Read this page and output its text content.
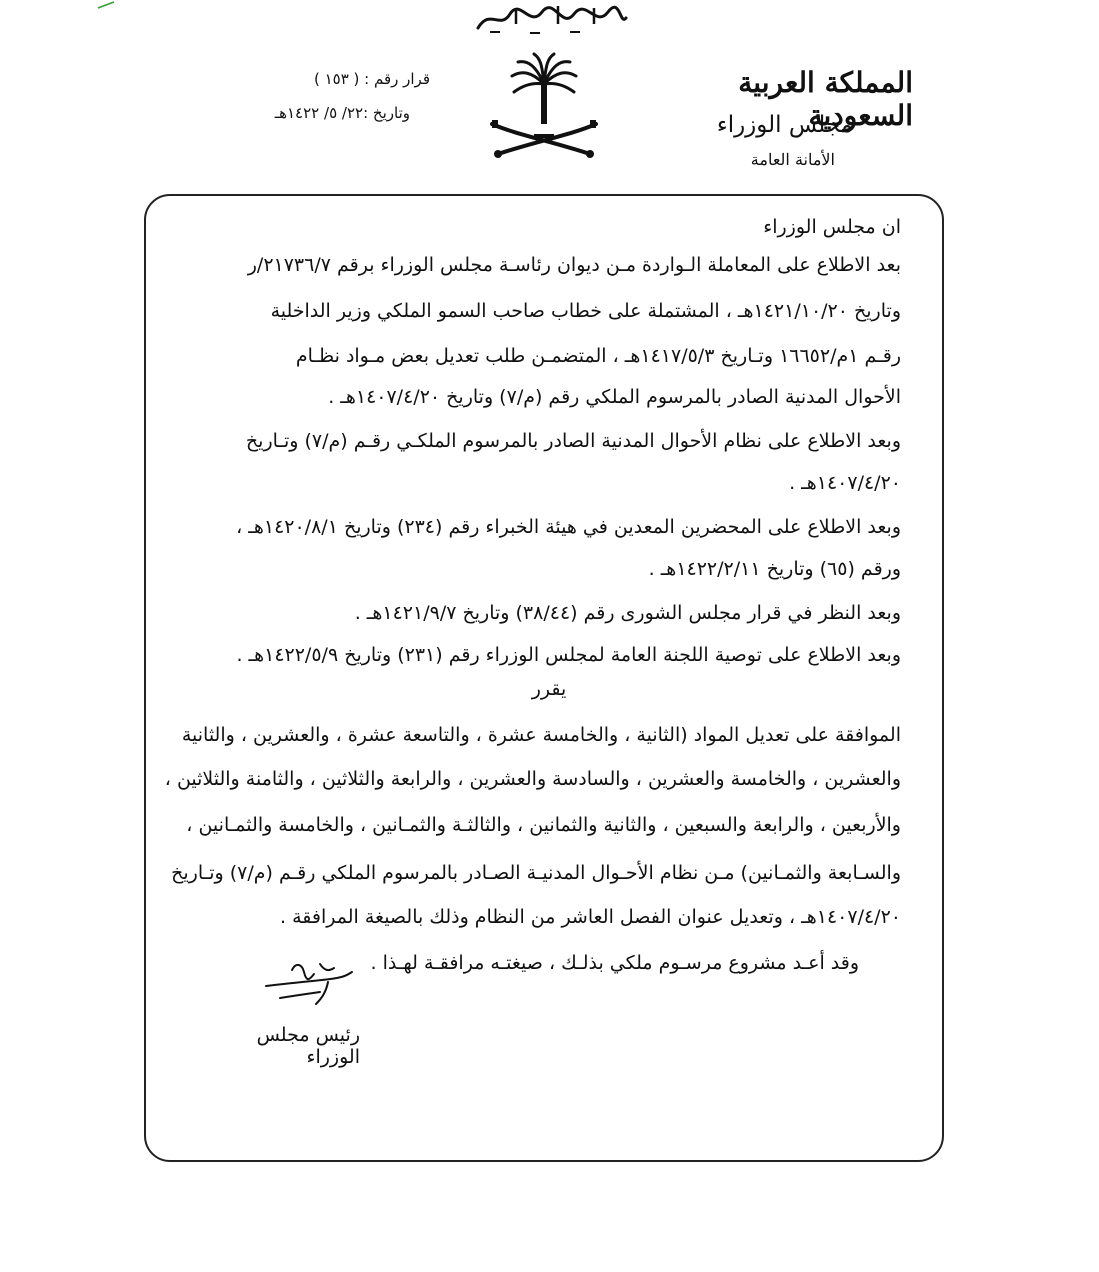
المملكة العربية السعودية
مجلس الوزراء
الأمانة العامة
قرار رقم : ( ١٥٣ )
وتاريخ :٢٢/ ٥/ ١٤٢٢هـ
ان مجلس الوزراء
بعد الاطلاع على المعاملة الـواردة مـن ديوان رئاسـة مجلس الوزراء برقم ٢١٧٣٦/٧/ر
وتاريخ ١٤٢١/١٠/٢٠هـ ، المشتملة على خطاب صاحب السمو الملكي وزير الداخلية
رقـم ١م/١٦٦٥٢ وتـاريخ ١٤١٧/٥/٣هـ ، المتضمـن طلب تعديل بعض مـواد نظـام
الأحوال المدنية الصادر بالمرسوم الملكي رقم (م/٧) وتاريخ ١٤٠٧/٤/٢٠هـ .
وبعد الاطلاع على نظام الأحوال المدنية الصادر بالمرسوم الملكـي رقـم (م/٧) وتـاريخ
١٤٠٧/٤/٢٠هـ .
وبعد الاطلاع على المحضرين المعدين في هيئة الخبراء رقم (٢٣٤) وتاريخ ١٤٢٠/٨/١هـ ،
ورقم (٦٥) وتاريخ ١٤٢٢/٢/١١هـ .
وبعد النظر في قرار مجلس الشورى رقم (٣٨/٤٤) وتاريخ ١٤٢١/٩/٧هـ .
وبعد الاطلاع على توصية اللجنة العامة لمجلس الوزراء رقم (٢٣١) وتاريخ ١٤٢٢/٥/٩هـ .
يقرر
الموافقة على تعديل المواد (الثانية ، والخامسة عشرة ، والتاسعة عشرة ، والعشرين ، والثانية
والعشرين ، والخامسة والعشرين ، والسادسة والعشرين ، والرابعة والثلاثين ، والثامنة والثلاثين ،
والأربعين ، والرابعة والسبعين ، والثانية والثمانين ، والثالثـة والثمـانين ، والخامسة والثمـانين ،
والسـابعة والثمـانين) مـن نظام الأحـوال المدنيـة الصـادر بالمرسوم الملكي رقـم (م/٧) وتـاريخ
١٤٠٧/٤/٢٠هـ ، وتعديل عنوان الفصل العاشر من النظام وذلك بالصيغة المرافقة .
وقد أعـد مشروع مرسـوم ملكي بذلـك ، صيغتـه مرافقـة لهـذا .
رئيس مجلس الوزراء
